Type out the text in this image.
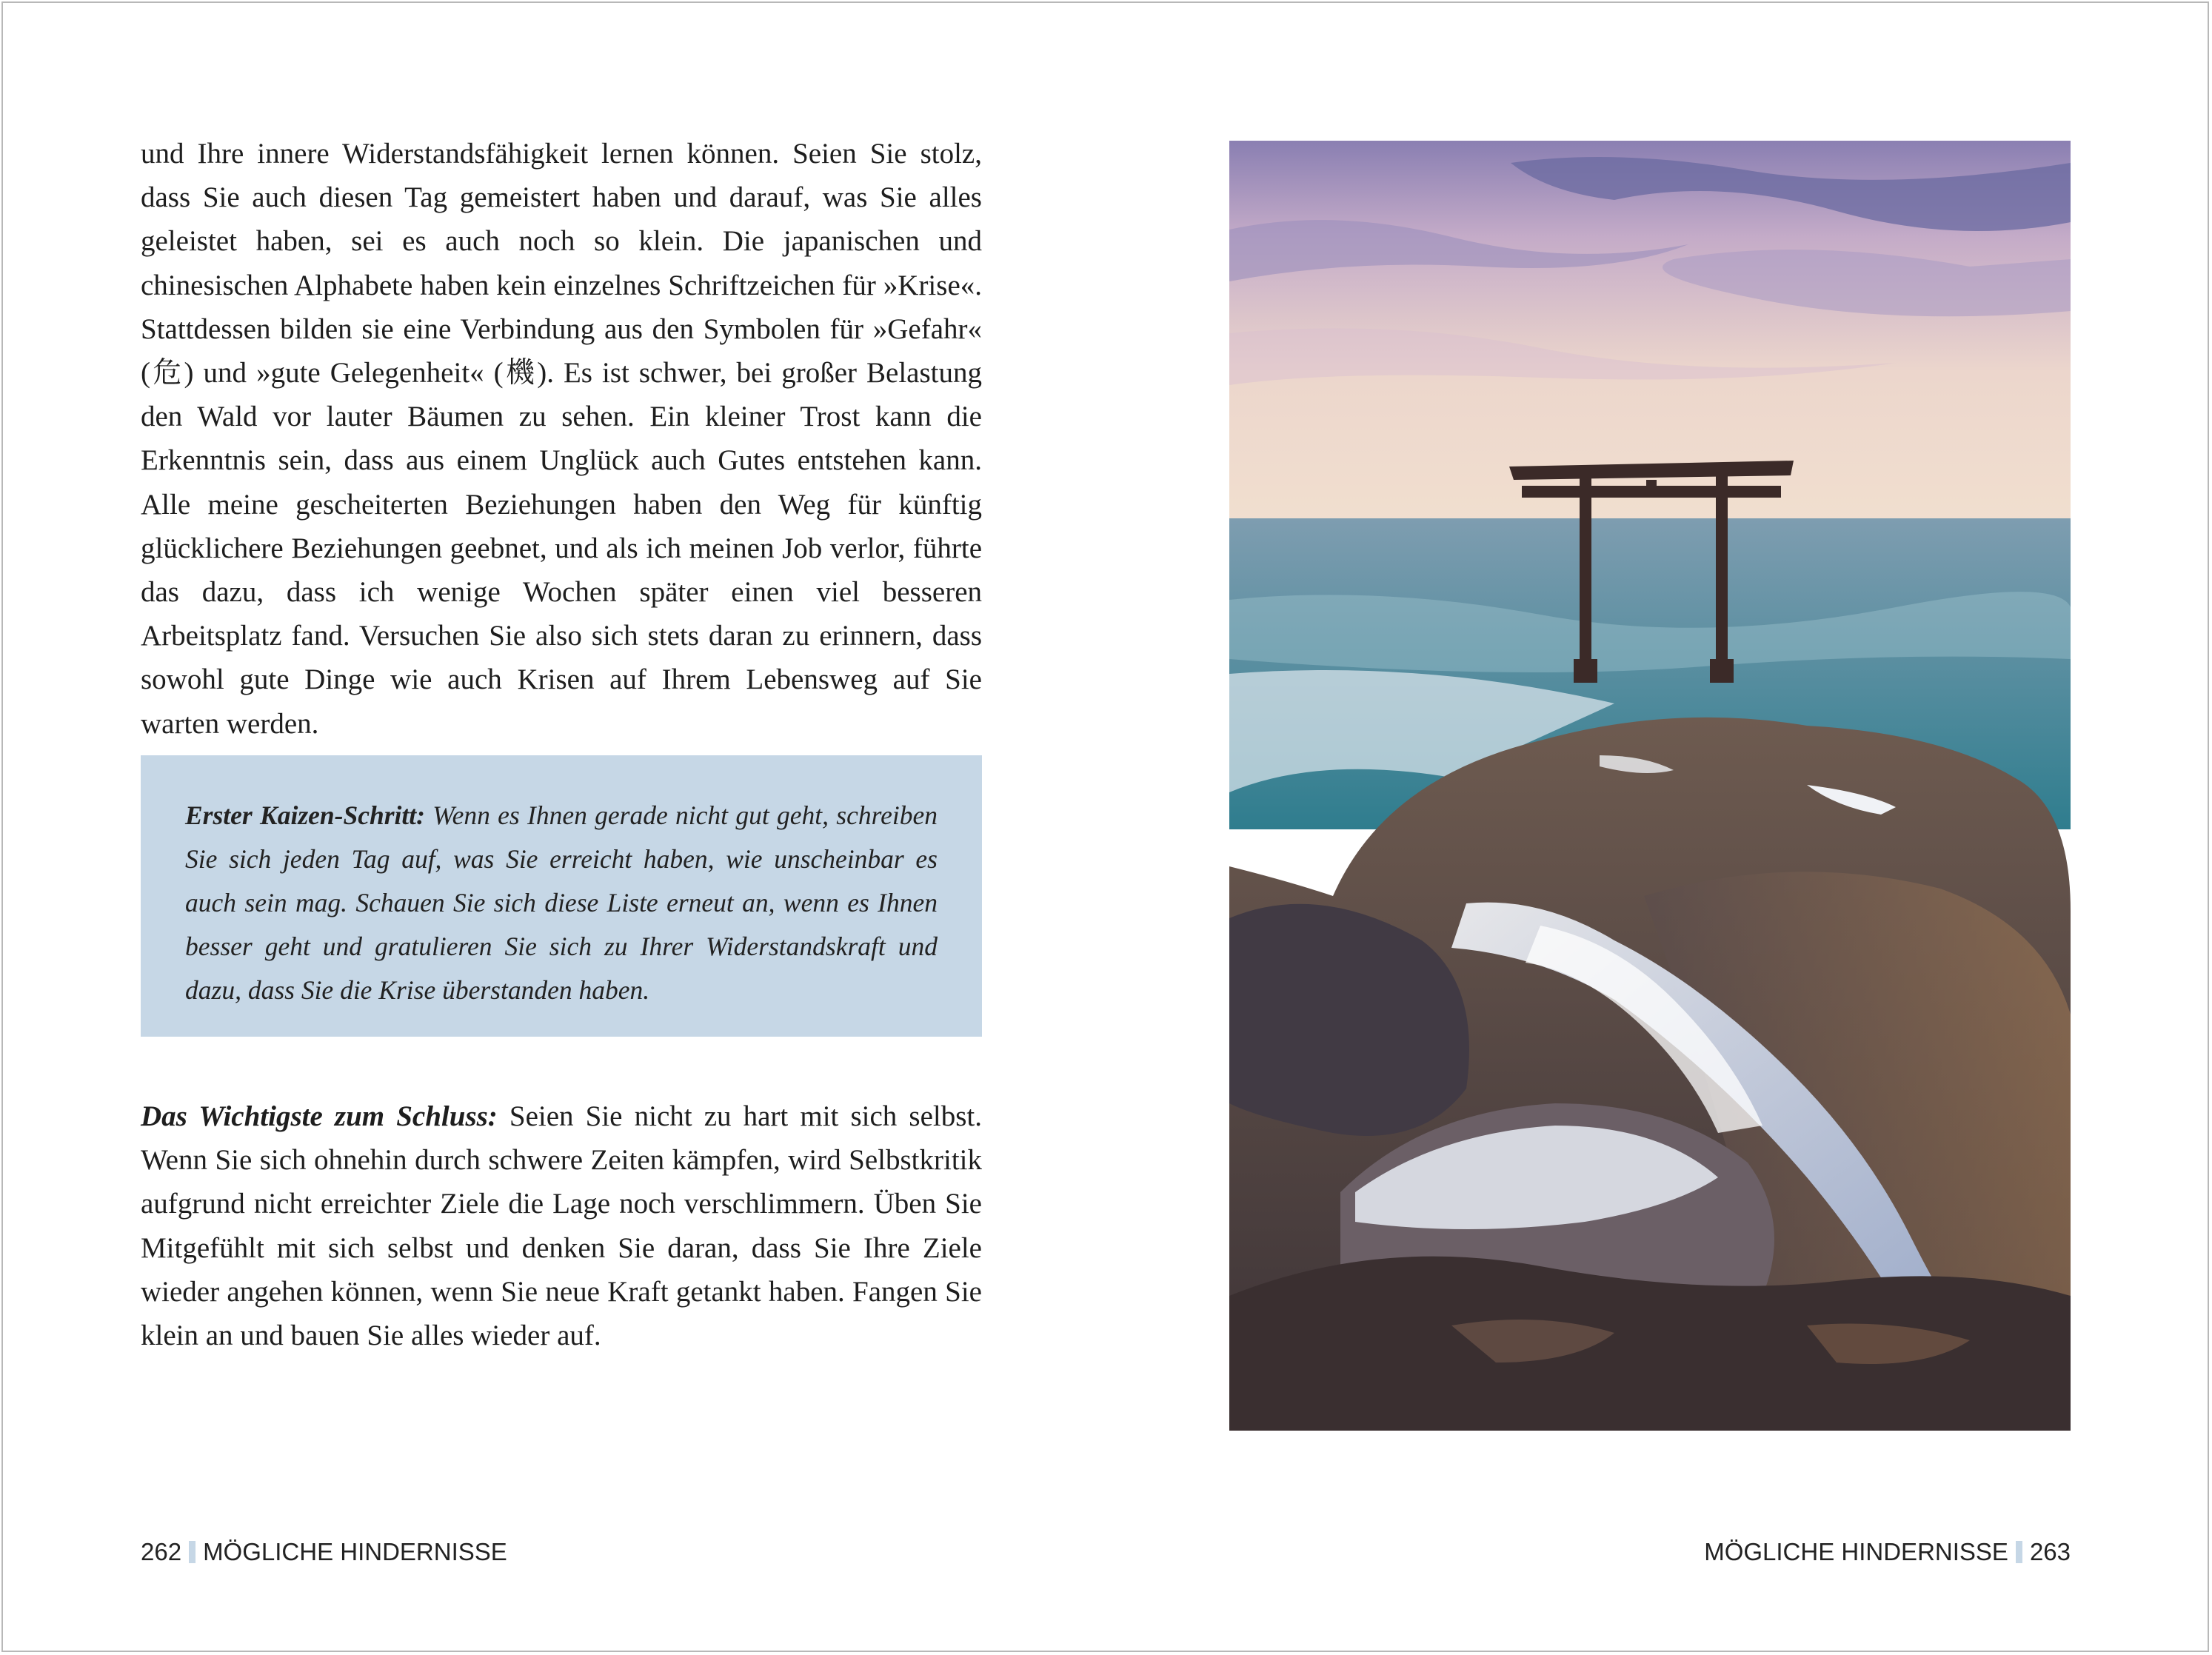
und Ihre innere Widerstandsfähigkeit lernen können. Seien Sie stolz, dass Sie auch diesen Tag gemeistert haben und darauf, was Sie alles geleistet haben, sei es auch noch so klein. Die japanischen und chinesischen Alphabete haben kein einzelnes Schriftzeichen für »Krise«. Stattdessen bilden sie eine Verbindung aus den Symbolen für »Gefahr« (危) und »gute Gelegenheit« (機). Es ist schwer, bei großer Belastung den Wald vor lauter Bäumen zu sehen. Ein kleiner Trost kann die Erkenntnis sein, dass aus einem Unglück auch Gutes entstehen kann. Alle meine gescheiterten Beziehungen haben den Weg für künftig glücklichere Beziehungen geebnet, und als ich meinen Job verlor, führte das dazu, dass ich wenige Wochen später einen viel besseren Arbeitsplatz fand. Versuchen Sie also sich stets daran zu erinnern, dass sowohl gute Dinge wie auch Krisen auf Ihrem Lebensweg auf Sie warten werden.

Erster Kaizen-Schritt: Wenn es Ihnen gerade nicht gut geht, schreiben Sie sich jeden Tag auf, was Sie erreicht haben, wie unscheinbar es auch sein mag. Schauen Sie sich diese Liste erneut an, wenn es Ihnen besser geht und gratulieren Sie sich zu Ihrer Widerstandskraft und dazu, dass Sie die Krise überstanden haben.

Das Wichtigste zum Schluss: Seien Sie nicht zu hart mit sich selbst. Wenn Sie sich ohnehin durch schwere Zeiten kämpfen, wird Selbstkritik aufgrund nicht erreichter Ziele die Lage noch verschlimmern. Üben Sie Mitgefühlt mit sich selbst und denken Sie daran, dass Sie Ihre Ziele wieder angehen können, wenn Sie neue Kraft getankt haben. Fangen Sie klein an und bauen Sie alles wieder auf.

262 MÖGLICHE HINDERNISSE	MÖGLICHE HINDERNISSE 263
